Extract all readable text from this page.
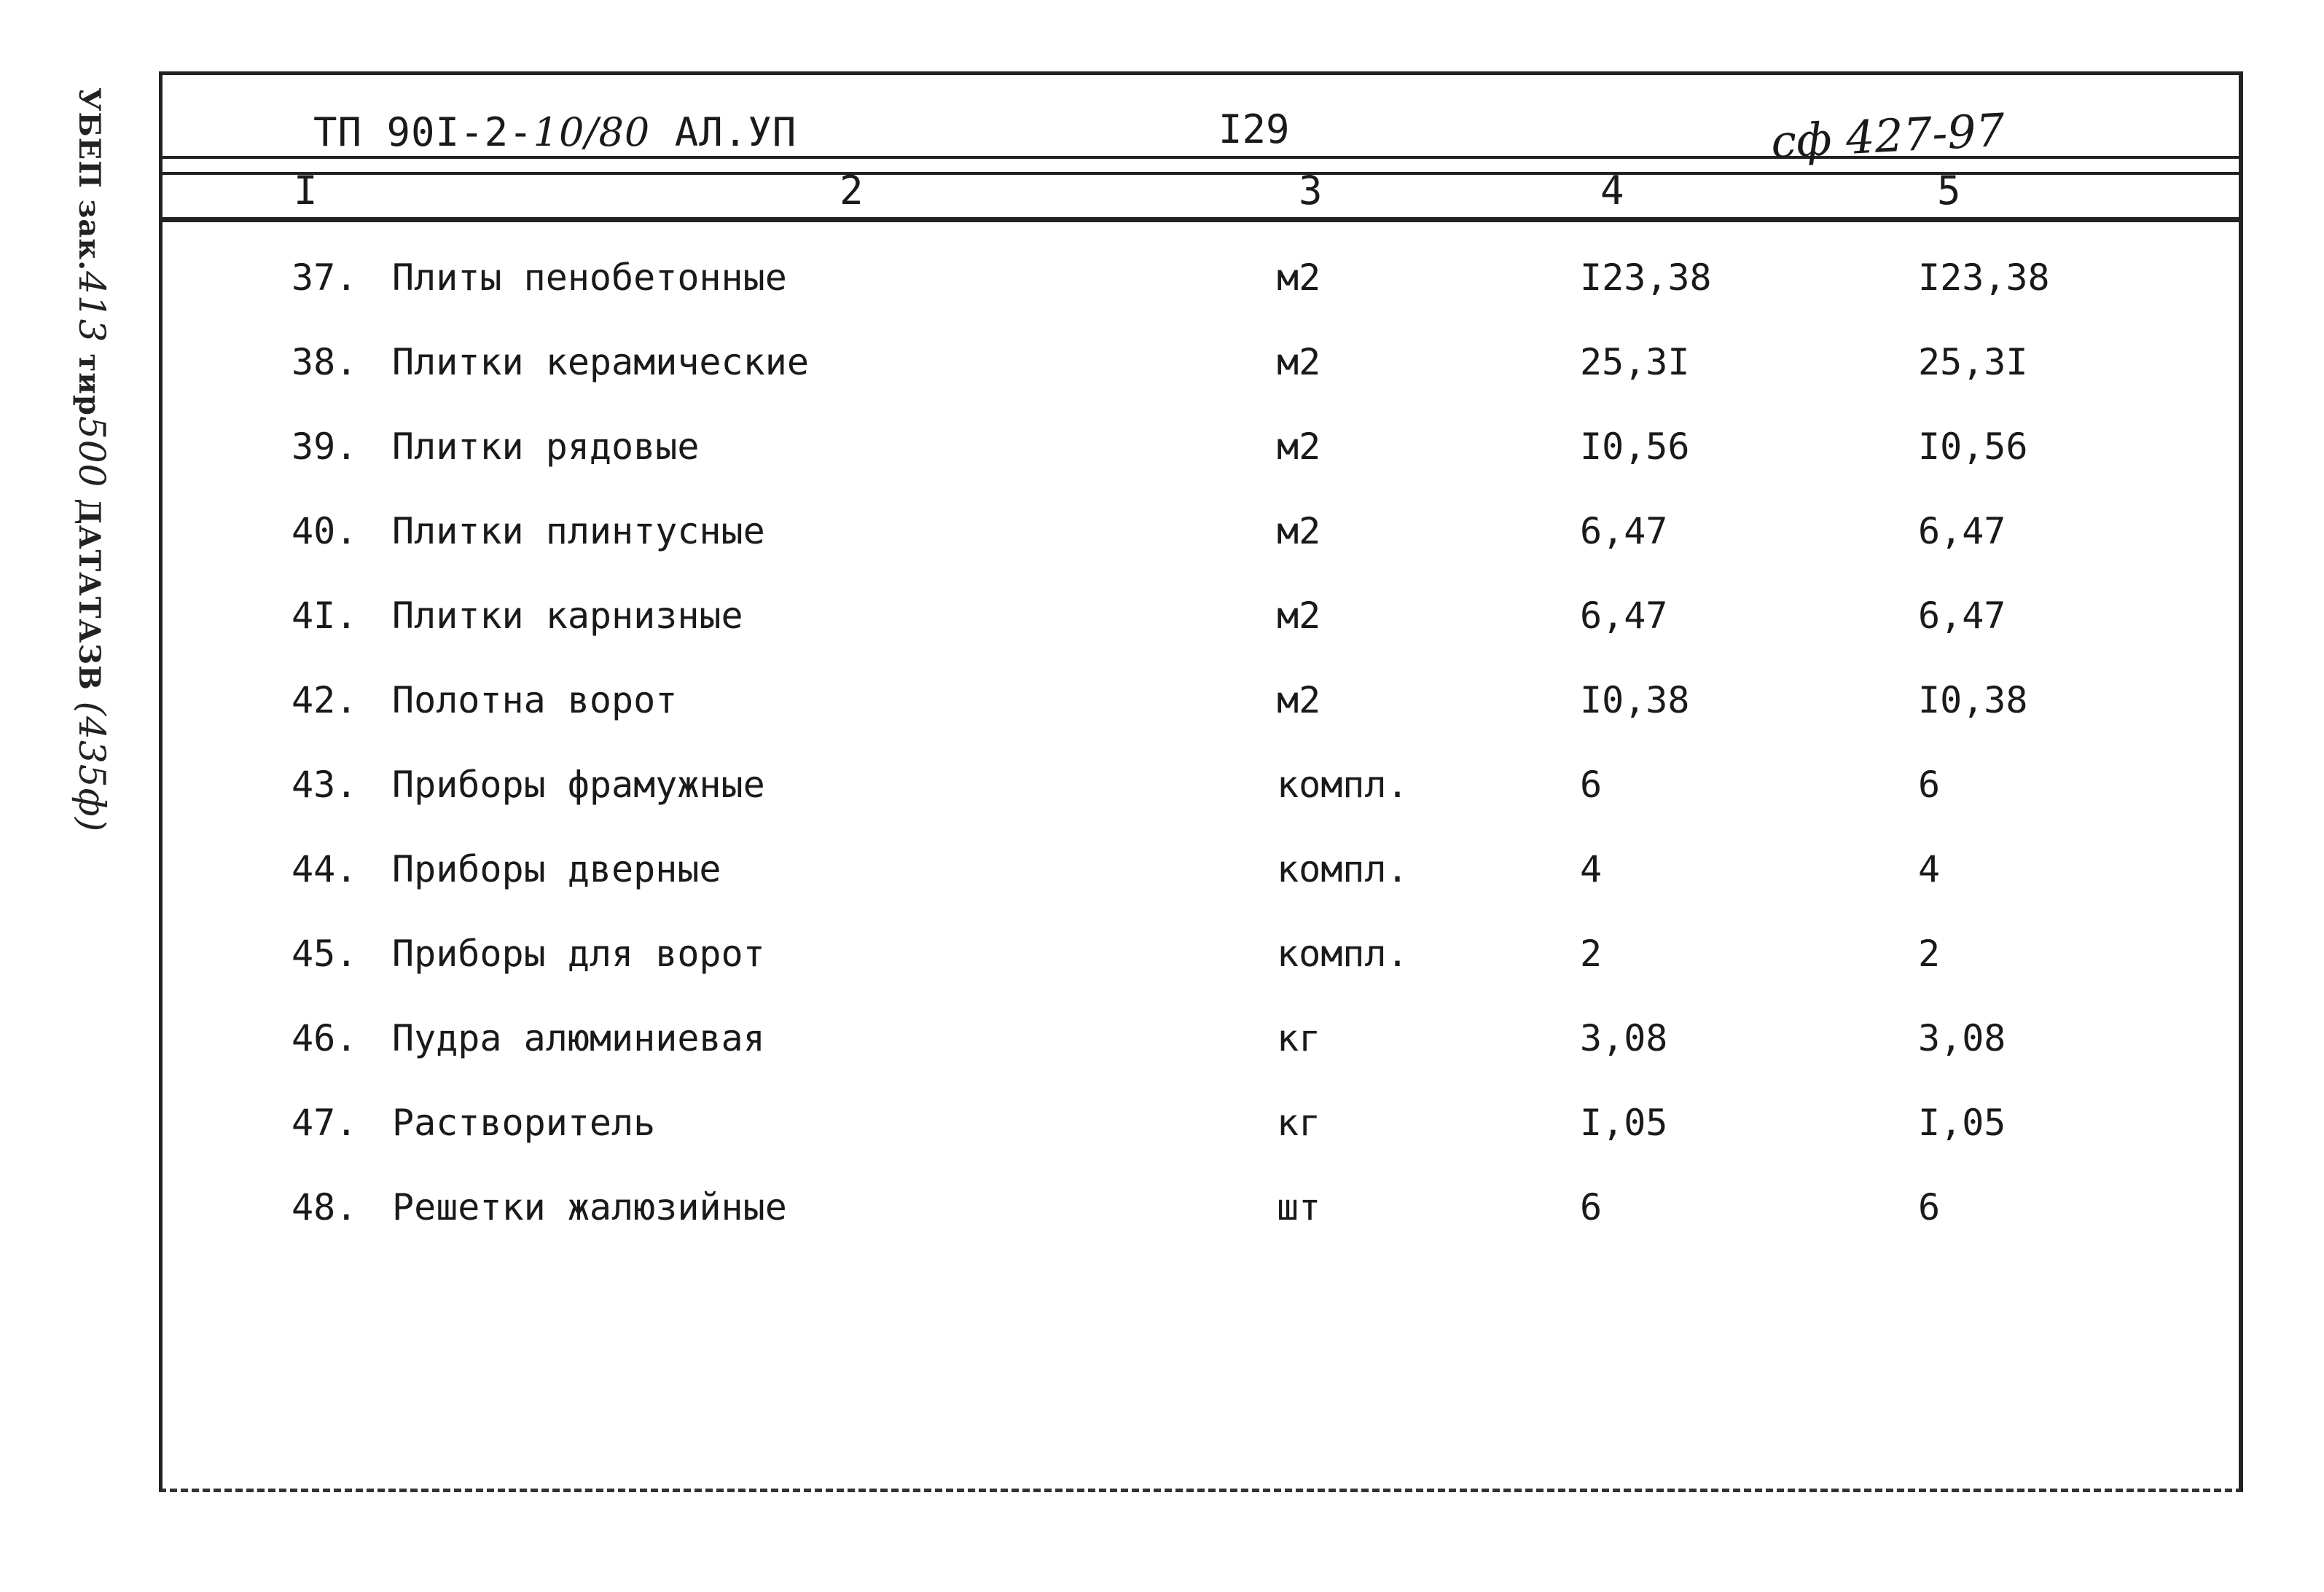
УБЕП зак.413 тир500 ДАТАТАЗВ (435ф)
ТП 90I-2-10/80 АЛ.УП	I29	сф 427-97
I	2	3	4	5
37. Плиты пенобетонные	м2	I23,38	I23,38
38. Плитки керамические	м2	25,3I	25,3I
39. Плитки рядовые	м2	I0,56	I0,56
40. Плитки плинтусные	м2	6,47	6,47
4I. Плитки карнизные	м2	6,47	6,47
42. Полотна ворот	м2	I0,38	I0,38
43. Приборы фрамужные	компл.	6	6
44. Приборы дверные	компл.	4	4
45. Приборы для ворот	компл.	2	2
46. Пудра алюминиевая	кг	3,08	3,08
47. Растворитель	кг	I,05	I,05
48. Решетки жалюзийные	шт	6	6
